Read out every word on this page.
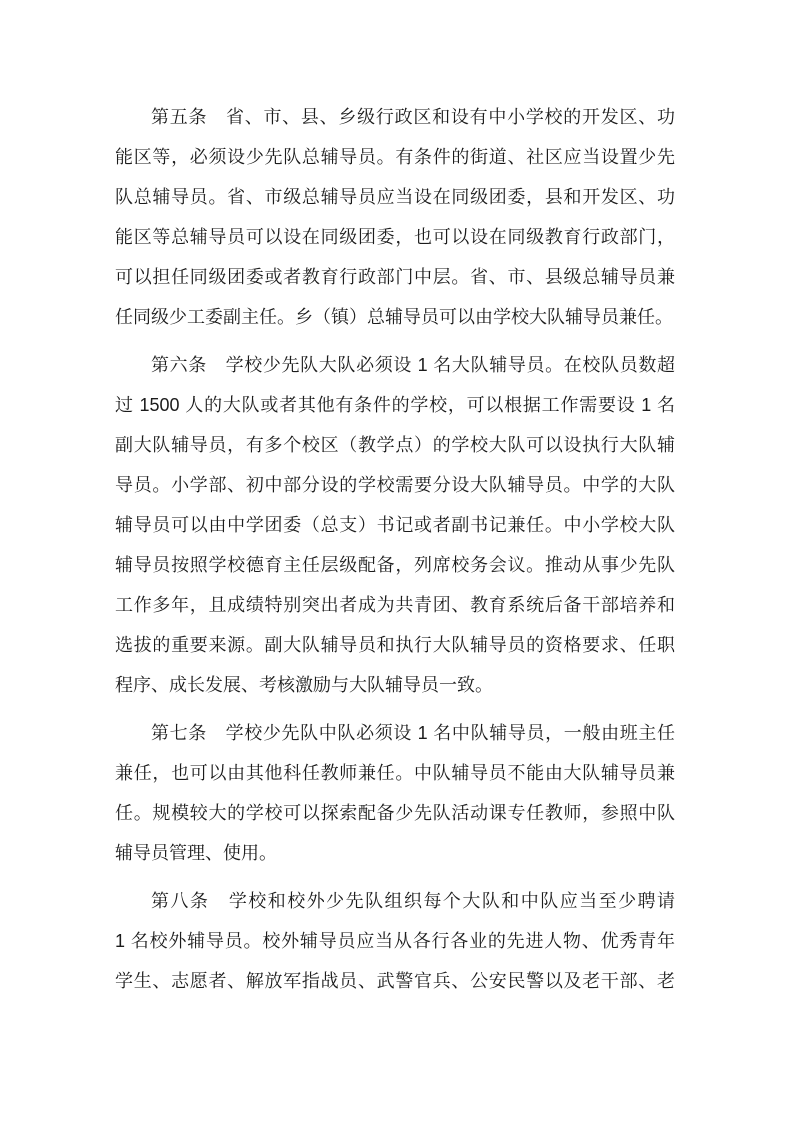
第五条　省、市、县、乡级行政区和设有中小学校的开发区、功
能区等，必须设少先队总辅导员。有条件的街道、社区应当设置少先
队总辅导员。省、市级总辅导员应当设在同级团委，县和开发区、功
能区等总辅导员可以设在同级团委，也可以设在同级教育行政部门，
可以担任同级团委或者教育行政部门中层。省、市、县级总辅导员兼
任同级少工委副主任。乡（镇）总辅导员可以由学校大队辅导员兼任。
第六条　学校少先队大队必须设 1 名大队辅导员。在校队员数超
过 1500 人的大队或者其他有条件的学校，可以根据工作需要设 1 名
副大队辅导员，有多个校区（教学点）的学校大队可以设执行大队辅
导员。小学部、初中部分设的学校需要分设大队辅导员。中学的大队
辅导员可以由中学团委（总支）书记或者副书记兼任。中小学校大队
辅导员按照学校德育主任层级配备，列席校务会议。推动从事少先队
工作多年，且成绩特别突出者成为共青团、教育系统后备干部培养和
选拔的重要来源。副大队辅导员和执行大队辅导员的资格要求、任职
程序、成长发展、考核激励与大队辅导员一致。
第七条　学校少先队中队必须设 1 名中队辅导员，一般由班主任
兼任，也可以由其他科任教师兼任。中队辅导员不能由大队辅导员兼
任。规模较大的学校可以探索配备少先队活动课专任教师，参照中队
辅导员管理、使用。
第八条　学校和校外少先队组织每个大队和中队应当至少聘请
1 名校外辅导员。校外辅导员应当从各行各业的先进人物、优秀青年
学生、志愿者、解放军指战员、武警官兵、公安民警以及老干部、老
